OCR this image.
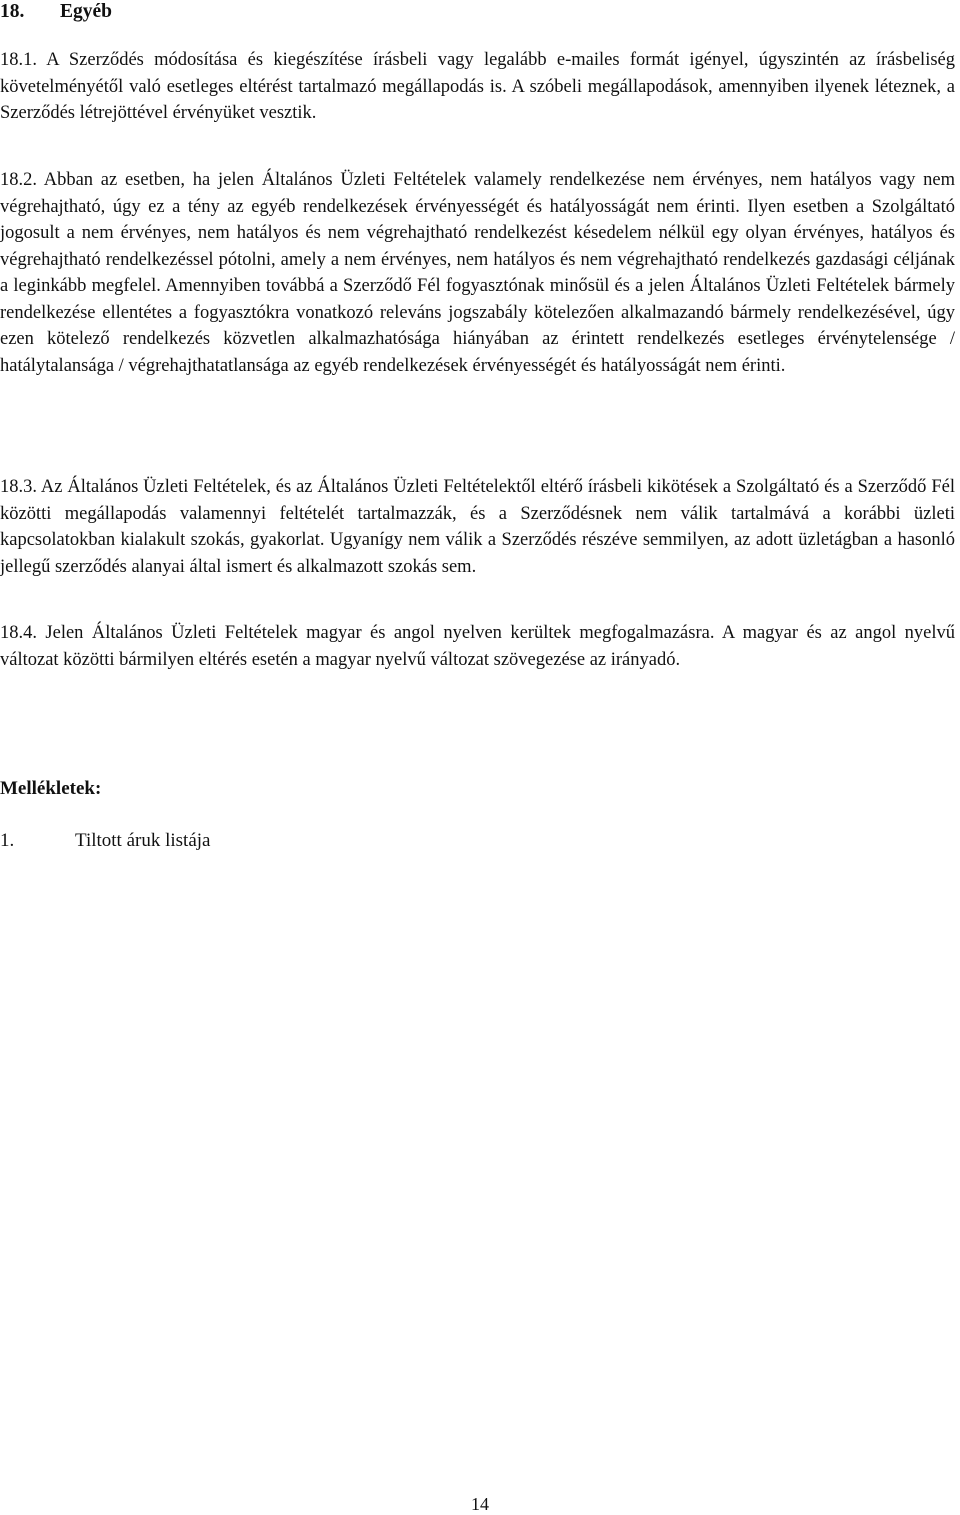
18. Egyéb

18.1. A Szerződés módosítása és kiegészítése írásbeli vagy legalább e-mailes formát igényel, úgyszintén az írásbeliség követelményétől való esetleges eltérést tartalmazó megállapodás is. A szóbeli megállapodások, amennyiben ilyenek léteznek, a Szerződés létrejöttével érvényüket vesztik.

18.2. Abban az esetben, ha jelen Általános Üzleti Feltételek valamely rendelkezése nem érvényes, nem hatályos vagy nem végrehajtható, úgy ez a tény az egyéb rendelkezések érvényességét és hatályosságát nem érinti. Ilyen esetben a Szolgáltató jogosult a nem érvényes, nem hatályos és nem végrehajtható rendelkezést késedelem nélkül egy olyan érvényes, hatályos és végrehajtható rendelkezéssel pótolni, amely a nem érvényes, nem hatályos és nem végrehajtható rendelkezés gazdasági céljának a leginkább megfelel. Amennyiben továbbá a Szerződő Fél fogyasztónak minősül és a jelen Általános Üzleti Feltételek bármely rendelkezése ellentétes a fogyasztókra vonatkozó releváns jogszabály kötelezően alkalmazandó bármely rendelkezésével, úgy ezen kötelező rendelkezés közvetlen alkalmazhatósága hiányában az érintett rendelkezés esetleges érvénytelensége / hatálytalansága / végrehajthatatlansága az egyéb rendelkezések érvényességét és hatályosságát nem érinti.

18.3. Az Általános Üzleti Feltételek, és az Általános Üzleti Feltételektől eltérő írásbeli kikötések a Szolgáltató és a Szerződő Fél közötti megállapodás valamennyi feltételét tartalmazzák, és a Szerződésnek nem válik tartalmává a korábbi üzleti kapcsolatokban kialakult szokás, gyakorlat. Ugyanígy nem válik a Szerződés részéve semmilyen, az adott üzletágban a hasonló jellegű szerződés alanyai által ismert és alkalmazott szokás sem.

18.4. Jelen Általános Üzleti Feltételek magyar és angol nyelven kerültek megfogalmazásra. A magyar és az angol nyelvű változat közötti bármilyen eltérés esetén a magyar nyelvű változat szövegezése az irányadó.

Mellékletek:
1.	Tiltott áruk listája
14
